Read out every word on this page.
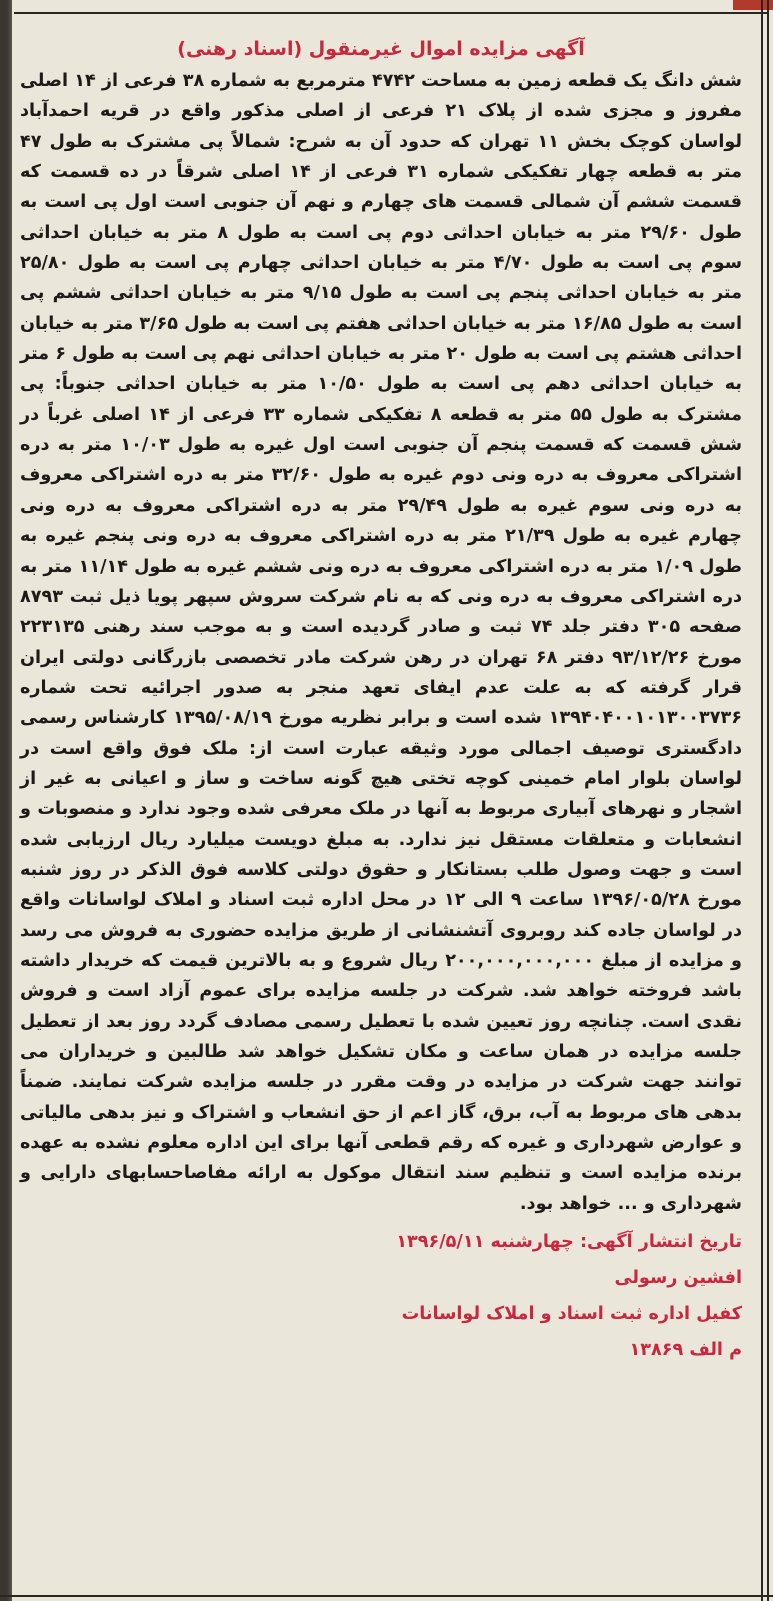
آگهی مزایده اموال غیرمنقول (اسناد رهنی)

شش دانگ یک قطعه زمین به مساحت ۴۷۴۲ مترمربع به شماره ۳۸ فرعی از ۱۴ اصلی مفروز و مجزی شده از پلاک ۲۱ فرعی از اصلی مذکور واقع در قریه احمدآباد لواسان کوچک بخش ۱۱ تهران که حدود آن به شرح: شمالاً پی مشترک به طول ۴۷ متر به قطعه چهار تفکیکی شماره ۳۱ فرعی از ۱۴ اصلی شرقاً در ده قسمت که قسمت ششم آن شمالی قسمت های چهارم و نهم آن جنوبی است اول پی است به طول ۲۹/۶۰ متر به خیابان احداثی دوم پی است به طول ۸ متر به خیابان احداثی سوم پی است به طول ۴/۷۰ متر به خیابان احداثی چهارم پی است به طول ۲۵/۸۰ متر به خیابان احداثی پنجم پی است به طول ۹/۱۵ متر به خیابان احداثی ششم پی است به طول ۱۶/۸۵ متر به خیابان احداثی هفتم پی است به طول ۳/۶۵ متر به خیابان احداثی هشتم پی است به طول ۲۰ متر به خیابان احداثی نهم پی است به طول ۶ متر به خیابان احداثی دهم پی است به طول ۱۰/۵۰ متر به خیابان احداثی جنوباً: پی مشترک به طول ۵۵ متر به قطعه ۸ تفکیکی شماره ۳۳ فرعی از ۱۴ اصلی غرباً در شش قسمت که قسمت پنجم آن جنوبی است اول غیره به طول ۱۰/۰۳ متر به دره اشتراکی معروف به دره ونی دوم غیره به طول ۳۲/۶۰ متر به دره اشتراکی معروف به دره ونی سوم غیره به طول ۲۹/۴۹ متر به دره اشتراکی معروف به دره ونی چهارم غیره به طول ۲۱/۳۹ متر به دره اشتراکی معروف به دره ونی پنجم غیره به طول ۱/۰۹ متر به دره اشتراکی معروف به دره ونی ششم غیره به طول ۱۱/۱۴ متر به دره اشتراکی معروف به دره ونی که به نام شرکت سروش سپهر پویا ذیل ثبت ۸۷۹۳ صفحه ۳۰۵ دفتر جلد ۷۴ ثبت و صادر گردیده است و به موجب سند رهنی ۲۲۳۱۳۵ مورخ ۹۳/۱۲/۲۶ دفتر ۶۸ تهران در رهن شرکت مادر تخصصی بازرگانی دولتی ایران قرار گرفته که به علت عدم ایفای تعهد منجر به صدور اجرائیه تحت شماره ۱۳۹۴۰۴۰۰۱۰۱۳۰۰۳۷۳۶ شده است و برابر نظریه مورخ ۱۳۹۵/۰۸/۱۹ کارشناس رسمی دادگستری توصیف اجمالی مورد وثیقه عبارت است از: ملک فوق واقع است در لواسان بلوار امام خمینی کوچه تختی هیچ گونه ساخت و ساز و اعیانی به غیر از اشجار و نهرهای آبیاری مربوط به آنها در ملک معرفی شده وجود ندارد و منصوبات و انشعابات و متعلقات مستقل نیز ندارد. به مبلغ دویست میلیارد ریال ارزیابی شده است و جهت وصول طلب بستانکار و حقوق دولتی کلاسه فوق الذکر در روز شنبه مورخ ۱۳۹۶/۰۵/۲۸ ساعت ۹ الی ۱۲ در محل اداره ثبت اسناد و املاک لواسانات واقع در لواسان جاده کند روبروی آتشنشانی از طریق مزایده حضوری به فروش می رسد و مزایده از مبلغ ۲۰۰,۰۰۰,۰۰۰,۰۰۰ ریال شروع و به بالاترین قیمت که خریدار داشته باشد فروخته خواهد شد. شرکت در جلسه مزایده برای عموم آزاد است و فروش نقدی است. چنانچه روز تعیین شده با تعطیل رسمی مصادف گردد روز بعد از تعطیل جلسه مزایده در همان ساعت و مکان تشکیل خواهد شد طالبین و خریداران می توانند جهت شرکت در مزایده در وقت مقرر در جلسه مزایده شرکت نمایند. ضمناً بدهی های مربوط به آب، برق، گاز اعم از حق انشعاب و اشتراک و نیز بدهی مالیاتی و عوارض شهرداری و غیره که رقم قطعی آنها برای این اداره معلوم نشده به عهده برنده مزایده است و تنظیم سند انتقال موکول به ارائه مفاصاحسابهای دارایی و شهرداری و ... خواهد بود.

تاریخ انتشار آگهی: چهارشنبه ۱۳۹۶/۵/۱۱
افشین رسولی
کفیل اداره ثبت اسناد و املاک لواسانات
م الف ۱۳۸۶۹
